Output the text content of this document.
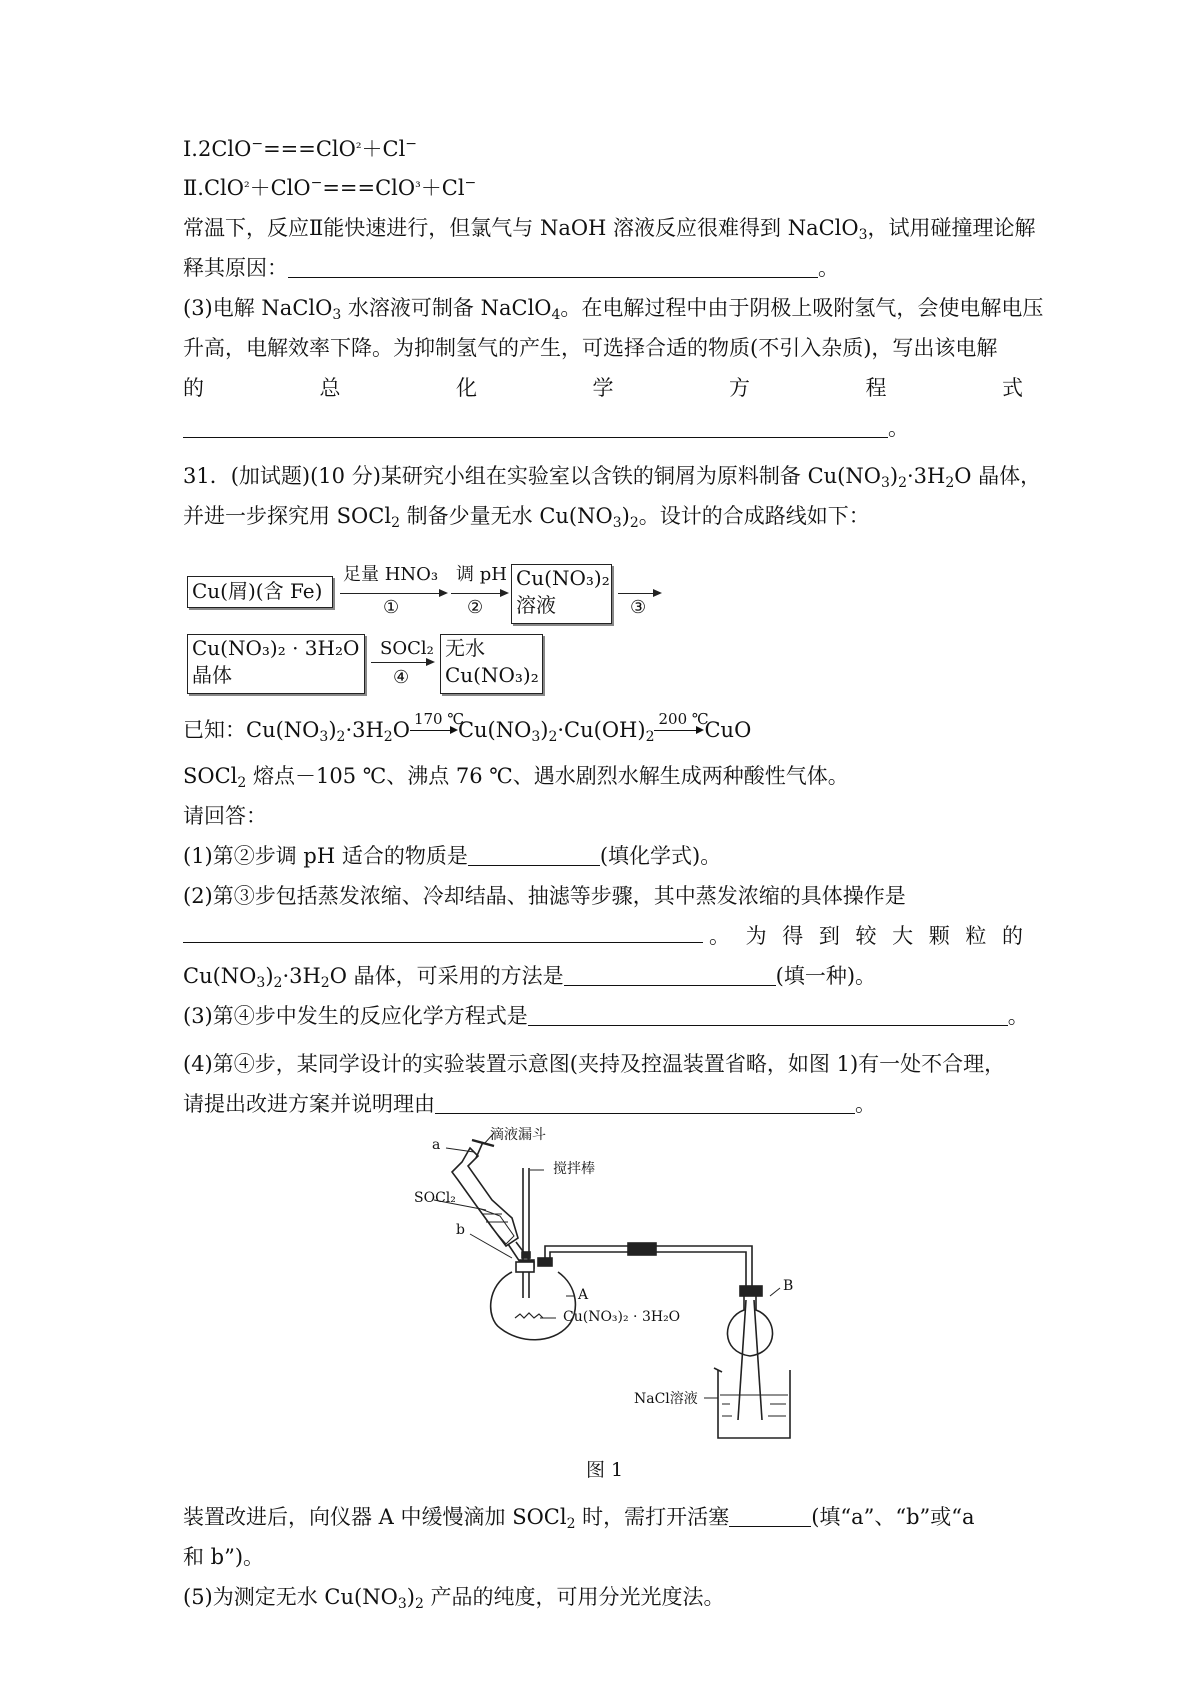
Ⅰ.2ClO−===ClO$^{_2}$＋Cl−
Ⅱ.ClO$^{_2}$＋ClO−===ClO$^{_3}$＋Cl−
常温下，反应Ⅱ能快速进行，但氯气与 NaOH 溶液反应很难得到 NaClO$_3$，试用碰撞理论解
释其原因：	。
(3)电解 NaClO$_3$ 水溶液可制备 NaClO$_4$。在电解过程中由于阴极上吸附氢气，会使电解电压
升高，电解效率下降。为抑制氢气的产生，可选择合适的物质(不引入杂质)，写出该电解
的	总	化	学	方	程	式
。
31．(加试题)(10 分)某研究小组在实验室以含铁的铜屑为原料制备 $Cu(NO_3)_2\cdot 3H_2O$ 晶体，
并进一步探究用 SOCl$_2$ 制备少量无水 $Cu(NO_3)_2$。设计的合成路线如下：
Cu(屑)(含 Fe)
足量 HNO₃
①
调 pH
②
Cu(NO₃)₂
溶液	③
Cu(NO₃)₂ · 3H₂O
晶体
SOCl₂
④
无水
Cu(NO₃)₂
已知：$Cu(NO_3)_2\cdot 3H_2O$ 170 ℃
$Cu(NO_3)_2\cdot Cu(OH)_2$
200 ℃
CuO
SOCl$_2$ 熔点－105 ℃、沸点 76 ℃、遇水剧烈水解生成两种酸性气体。
请回答：
(1)第②步调 pH 适合的物质是	(填化学式)。
(2)第③步包括蒸发浓缩、冷却结晶、抽滤等步骤，其中蒸发浓缩的具体操作是
。 为 得 到 较 大 颗 粒 的
$Cu(NO_3)_2\cdot 3H_2O$ 晶体，可采用的方法是	(填一种)。
(3)第④步中发生的反应化学方程式是	。
(4)第④步，某同学设计的实验装置示意图(夹持及控温装置省略，如图 1)有一处不合理，
请提出改进方案并说明理由	。
a
滴液漏斗
搅拌棒
SOCl₂
b
A
Cu(NO₃)₂ · 3H₂O
B
NaCl溶液
图 1
装置改进后，向仪器 A 中缓慢滴加 SOCl$_2$ 时，需打开活塞	(填“a”、“b”或“a
和 b”)。
(5)为测定无水 $Cu(NO_3)_2$ 产品的纯度，可用分光光度法。
